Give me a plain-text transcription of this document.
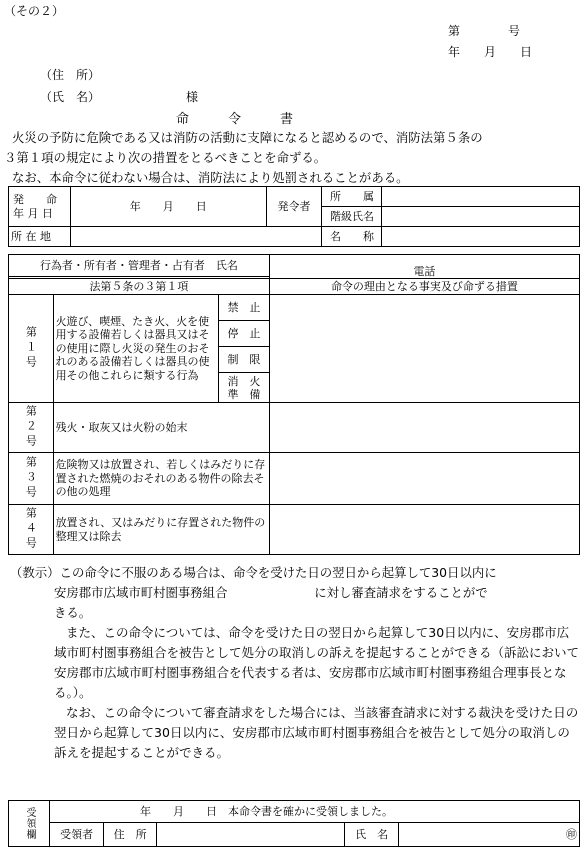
（その２）
第　　　　号
年　　月　　日
（住　所）
（氏　名）	様
命　　　令　　　書
火災の予防に危険である又は消防の活動に支障になると認めるので、消防法第５条の
３第１項の規定により次の措置をとるべきことを命ずる。
なお、本命令に従わない場合は、消防法により処罰されることがある。
発　　命
年 月 日	年　　月　　日	発令者	所　　属	
			階級氏名	
所 在 地			名　　称	
行為者・所有者・管理者・占有者　氏名			電話

法第５条の３第１項			命令の理由となる事実及び命ずる措置
第１号	火遊び、喫煙、たき火、火を使用する設備若しくは器具又はその使用に際し火災の発生のおそれのある設備若しくは器具の使用その他これらに類する行為	禁　止	
		停　止	
		制　限	
		消　火
準　備	
第２号	残火・取灰又は火粉の始末		
第３号	危険物又は放置され、若しくはみだりに存置された燃焼のおそれのある物件の除去その他の処理		
第４号	放置され、又はみだりに存置された物件の整理又は除去		
（教示）この命令に不服のある場合は、命令を受けた日の翌日から起算して30日以内に
安房郡市広域市町村圏事務組合　　　　　　　に対し審査請求をすることがで
きる。
また、この命令については、命令を受けた日の翌日から起算して30日以内に、安房郡市広域市町村圏事務組合を被告として処分の取消しの訴えを提起することができる（訴訟において安房郡市広域市町村圏事務組合を代表する者は、安房郡市広域市町村圏事務組合理事長となる。）。
なお、この命令について審査請求をした場合には、当該審査請求に対する裁決を受けた日の翌日から起算して30日以内に、安房郡市広域市町村圏事務組合を被告として処分の取消しの訴えを提起することができる。
受領欄	年　　月　　日　本命令書を確かに受領しました。				
	受領者	住　所		氏　名	㊞
